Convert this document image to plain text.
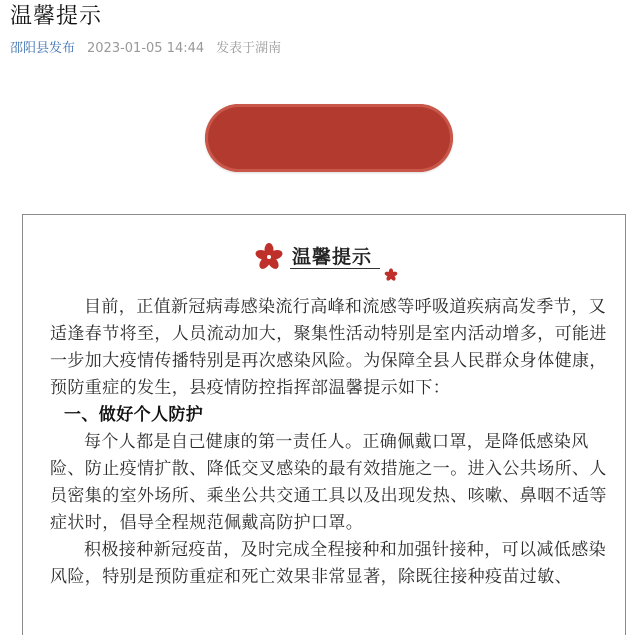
温馨提示
邵阳县发布 2023-01-05 14:44 发表于湖南
温馨提示

目前，正值新冠病毒感染流行高峰和流感等呼吸道疾病高发季节，又适逢春节将至，人员流动加大，聚集性活动特别是室内活动增多，可能进一步加大疫情传播特别是再次感染风险。为保障全县人民群众身体健康，预防重症的发生，县疫情防控指挥部温馨提示如下：

一、做好个人防护

每个人都是自己健康的第一责任人。正确佩戴口罩，是降低感染风险、防止疫情扩散、降低交叉感染的最有效措施之一。进入公共场所、人员密集的室外场所、乘坐公共交通工具以及出现发热、咳嗽、鼻咽不适等症状时，倡导全程规范佩戴高防护口罩。

积极接种新冠疫苗，及时完成全程接种和加强针接种，可以减低感染风险，特别是预防重症和死亡效果非常显著，除既往接种疫苗过敏、
